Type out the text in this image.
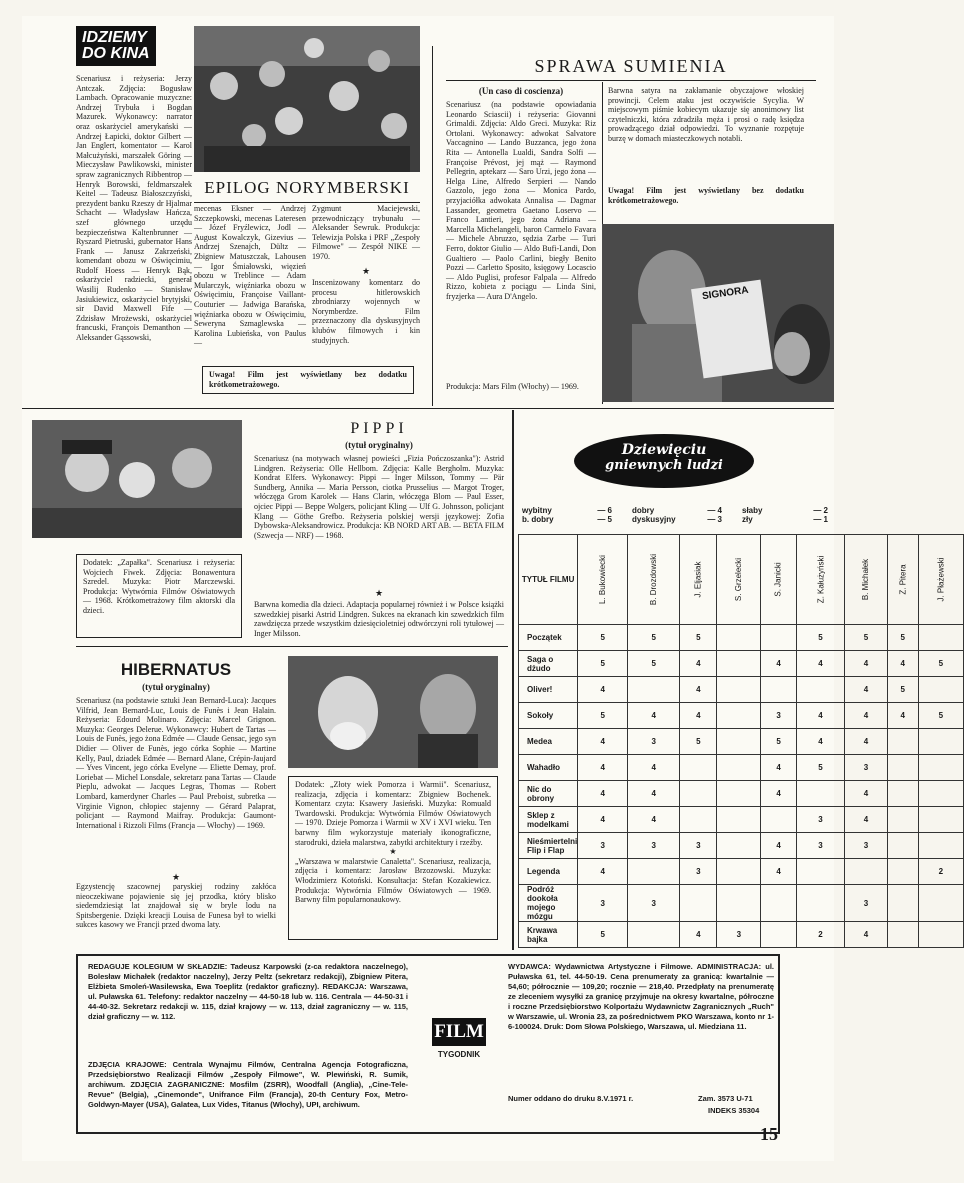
IDZIEMY DO KINA
Scenariusz i reżyseria: Jerzy Antczak. Zdjęcia: Bogusław Lambach. Opracowanie muzyczne: Andrzej Trybuła i Bogdan Mazurek. Wykonawcy: narrator oraz oskarżyciel amerykański — Andrzej Łapicki, doktor Gilbert — Jan Englert, komentator — Karol Małcużyński, marszałek Göring — Mieczysław Pawlikowski, minister spraw zagranicznych Ribbentrop — Henryk Borowski, feldmarszałek Keitel — Tadeusz Białoszczyński, prezydent banku Rzeszy dr Hjalmar Schacht — Władysław Hańcza, szef głównego urzędu bezpieczeństwa Kaltenbrunner — Ryszard Pietruski, gubernator Hans Frank — Janusz Zakrzeński, komendant obozu w Oświęcimiu, Rudolf Hoess — Henryk Bąk, oskarżyciel radziecki, generał Wasilij Rudenko — Stanisław Jasiukiewicz, oskarżyciel brytyjski, sir David Maxwell Fife — Zdzisław Mrożewski, oskarżyciel francuski, François Demanthon — Aleksander Gąssowski,
EPILOG NORYMBERSKI
mecenas Eksner — Andrzej Szczepkowski, mecenas Lateresen — Józef Fryźlewicz, Jodl — August Kowalczyk, Gizevius — Andrzej Szenajch, Dültz — Zbigniew Matuszczak, Lahousen — Igor Śmiałowski, więzień obozu w Treblince — Adam Mularczyk, więźniarka obozu w Oświęcimiu, Françoise Vaillant-Couturier — Jadwiga Barańska, więźniarka obozu w Oświęcimiu, Seweryna Szmaglewska — Karolina Lubieńska, von Paulus —
Zygmunt Maciejewski, przewodniczący trybunału — Aleksander Sewruk. Produkcja: Telewizja Polska i PRF „Zespoły Filmowe" — Zespół NIKE — 1970.
★
Inscenizowany komentarz do procesu hitlerowskich zbrodniarzy wojennych w Norymberdze. Film przeznaczony dla dyskusyjnych klubów filmowych i kin studyjnych.
Uwaga! Film jest wyświetlany bez dodatku krótkometrażowego.
SPRAWA SUMIENIA
(Un caso di coscienza)
Scenariusz (na podstawie opowiadania Leonardo Sciascii) i reżyseria: Giovanni Grimaldi. Zdjęcia: Aldo Greci. Muzyka: Riz Ortolani. Wykonawcy: adwokat Salvatore Vaccagnino — Lando Buzzanca, jego żona Rita — Antonella Lualdi, Sandra Solfi — Françoise Prévost, jej mąż — Raymond Pellegrin, aptekarz — Saro Urzi, jego żona — Helga Line, Alfredo Serpieri — Nando Gazzolo, jego żona — Monica Pardo, przyjaciółka adwokata Annalisa — Dagmar Lassander, geometra Gaetano Loservo — Franco Lantieri, jego żona Adriana — Marcella Michelangeli, baron Carmelo Favara — Michele Abruzzo, sędzia Zarbe — Turi Ferro, doktor Giulio — Aldo Bufi-Landi, Don Gualtiero — Paolo Carlini, biegły Benito Pozzi — Carletto Sposito, księgowy Locascio — Aldo Puglisi, profesor Falpala — Alfredo Rizzo, kobieta z pociągu — Linda Sini, fryzjerka — Aura D'Angelo.
Produkcja: Mars Film (Włochy) — 1969.
Barwna satyra na zakłamanie obyczajowe włoskiej prowincji. Celem ataku jest oczywiście Sycylia. W miejscowym piśmie kobiecym ukazuje się anonimowy list czytelniczki, która zdradziła męża i prosi o radę księdza prowadzącego dział odpowiedzi. To wyznanie rozpętuje burzę w domach miasteczkowych notabli.
Uwaga! Film jest wyświetlany bez dodatku krótkometrażowego.
SIGNORA
Dodatek: „Zapałka". Scenariusz i reżyseria: Wojciech Fiwek. Zdjęcia: Bonawentura Szredel. Muzyka: Piotr Marczewski. Produkcja: Wytwórnia Filmów Oświatowych — 1968. Krótkometrażowy film aktorski dla dzieci.
PIPPI
(tytuł oryginalny)
Scenariusz (na motywach własnej powieści „Fizia Pończoszanka"): Astrid Lindgren. Reżyseria: Olle Hellbom. Zdjęcia: Kalle Bergholm. Muzyka: Kondrat Elfers. Wykonawcy: Pippi — Inger Milsson, Tommy — Pär Sundberg, Annika — Maria Persson, ciotka Prusselius — Margot Troger, włóczęga Grom Karolek — Hans Clarin, włóczęga Blom — Paul Esser, ojciec Pippi — Beppe Wolgers, policjant Kling — Ulf G. Johnsson, policjant Klang — Göthe Grefbo. Reżyseria polskiej wersji językowej: Zofia Dybowska-Aleksandrowicz. Produkcja: KB NORD ART AB. — BETA FILM (Szwecja — NRF) — 1968.
★
Barwna komedia dla dzieci. Adaptacja popularnej również i w Polsce książki szwedzkiej pisarki Astrid Lindgren. Sukces na ekranach kin szwedzkich film zawdzięcza przede wszystkim dziesięcioletniej odtwórczyni roli tytułowej — Inger Milsson.
Dziewięciu
gniewnych ludzi
wybitny	— 6
b. dobry	— 5
dobry	— 4
dyskusyjny	— 3
słaby	— 2
zły	— 1
TYTUŁ FILMU	L. Bukowiecki	B. Drozdowski	J. Eljasiak	S. Grzelecki	S. Janicki	Z. Kałużyński	B. Michałek	Z. Pitera	J. Płażewski
Początek	5	5	5			5	5	5	
Saga o dżudo	5	5	4		4	4	4	4	5
Oliver!	4		4				4	5	
Sokoły	5	4	4		3	4	4	4	5
Medea	4	3	5		5	4	4		
Wahadło	4	4			4	5	3		
Nic do obrony	4	4			4		4		
Sklep z modelkami	4	4				3	4		
Nieśmiertelni Flip i Flap	3	3	3		4	3	3		
Legenda	4		3		4				2
Podróż dookoła mojego mózgu	3	3					3		
Krwawa bajka	5		4	3		2	4		
HIBERNATUS
(tytuł oryginalny)
Scenariusz (na podstawie sztuki Jean Bernard-Luca): Jacques Vilfrid, Jean Bernard-Luc, Louis de Funès i Jean Halain. Reżyseria: Edourd Molinaro. Zdjęcia: Marcel Grignon. Muzyka: Georges Delerue. Wykonawcy: Hubert de Tartas — Louis de Funès, jego żona Edmée — Claude Gensac, jego syn Didier — Oliver de Funès, jego córka Sophie — Martine Kelly, Paul, dziadek Edmée — Bernard Alane, Crépin-Jaujard — Yves Vincent, jego córka Evelyne — Eliette Demay, prof. Loriebat — Michel Lonsdale, sekretarz pana Tartas — Claude Pieplu, adwokat — Jacques Legras, Thomas — Robert Lombard, kamerdyner Charles — Paul Preboist, subretka — Virginie Vignon, chłopiec stajenny — Gérard Palaprat, policjant — Raymond Maifray. Produkcja: Gaumont-International i Rizzoli Films (Francja — Włochy) — 1969.
★
Egzystencję szacownej paryskiej rodziny zakłóca nieoczekiwane pojawienie się jej przodka, który blisko siedemdziesiąt lat znajdował się w bryle lodu na Spitsbergenie. Dzięki kreacji Louisa de Funesa był to wielki sukces kasowy we Francji przed dwoma laty.
Dodatek: „Złoty wiek Pomorza i Warmii". Scenariusz, realizacja, zdjęcia i komentarz: Zbigniew Bochenek. Komentarz czyta: Ksawery Jasieński. Muzyka: Romuald Twardowski. Produkcja: Wytwórnia Filmów Oświatowych — 1970. Dzieje Pomorza i Warmii w XV i XVI wieku. Ten barwny film wykorzystuje materiały ikonograficzne, starodruki, dzieła malarstwa, zabytki architektury i rzeźby.
★
„Warszawa w malarstwie Canaletta". Scenariusz, realizacja, zdjęcia i komentarz: Jarosław Brzozowski. Muzyka: Włodzimierz Kotoński. Konsultacja: Stefan Kozakiewicz. Produkcja: Wytwórnia Filmów Oświatowych — 1969. Barwny film popularnonaukowy.
REDAGUJE KOLEGIUM W SKŁADZIE: Tadeusz Karpowski (z-ca redaktora naczelnego), Bolesław Michałek (redaktor naczelny), Jerzy Peltz (sekretarz redakcji), Zbigniew Pitera, Elżbieta Smoleń-Wasilewska, Ewa Toeplitz (redaktor graficzny). REDAKCJA: Warszawa, ul. Puławska 61. Telefony: redaktor naczelny — 44-50-18 lub w. 116. Centrala — 44-50-31 i 44-40-32. Sekretarz redakcji w. 115, dział krajowy — w. 113, dział zagraniczny — w. 115, dział graficzny — w. 112.
ZDJĘCIA KRAJOWE: Centrala Wynajmu Filmów, Centralna Agencja Fotograficzna, Przedsiębiorstwo Realizacji Filmów „Zespoły Filmowe", W. Plewiński, R. Sumik, archiwum. ZDJĘCIA ZAGRANICZNE: Mosfilm (ZSRR), Woodfall (Anglia), „Cine-Tele-Revue" (Belgia), „Cinemonde", Unifrance Film (Francja), 20-th Century Fox, Metro-Goldwyn-Mayer (USA), Galatea, Lux Vides, Titanus (Włochy), UPI, archiwum.
FILM
TYGODNIK
WYDAWCA: Wydawnictwa Artystyczne i Filmowe. ADMINISTRACJA: ul. Puławska 61, tel. 44-50-19. Cena prenumeraty za granicą: kwartalnie — 54,60; półrocznie — 109,20; rocznie — 218,40. Przedpłaty na prenumeratę ze zleceniem wysyłki za granicę przyjmuje na okresy kwartalne, półroczne i roczne Przedsiębiorstwo Kolportażu Wydawnictw Zagranicznych „Ruch" w Warszawie, ul. Wronia 23, za pośrednictwem PKO Warszawa, konto nr 1-6-100024. Druk: Dom Słowa Polskiego, Warszawa, ul. Miedziana 11.
Numer oddano do druku 8.V.1971 r.	Zam. 3573 U-71
INDEKS 35304
15
